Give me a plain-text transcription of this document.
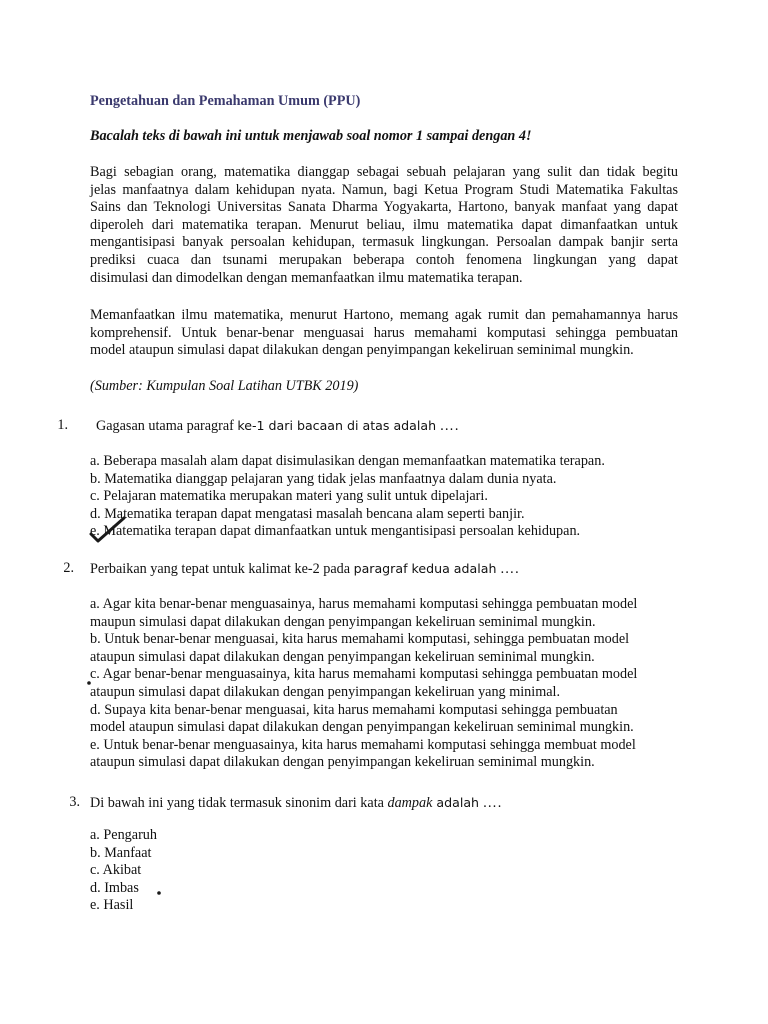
Pengetahuan dan Pemahaman Umum (PPU)
Bacalah teks di bawah ini untuk menjawab soal nomor 1 sampai dengan 4!
Bagi sebagian orang, matematika dianggap sebagai sebuah pelajaran yang sulit dan tidak begitu
jelas manfaatnya dalam kehidupan nyata. Namun, bagi Ketua Program Studi Matematika Fakultas
Sains dan Teknologi Universitas Sanata Dharma Yogyakarta, Hartono, banyak manfaat yang dapat
diperoleh dari matematika terapan. Menurut beliau, ilmu matematika dapat dimanfaatkan untuk
mengantisipasi banyak persoalan kehidupan, termasuk lingkungan. Persoalan dampak banjir serta
prediksi cuaca dan tsunami merupakan beberapa contoh fenomena lingkungan yang dapat
disimulasi dan dimodelkan dengan memanfaatkan ilmu matematika terapan.
Memanfaatkan ilmu matematika, menurut Hartono, memang agak rumit dan pemahamannya harus
komprehensif. Untuk benar-benar menguasai harus memahami komputasi sehingga pembuatan
model ataupun simulasi dapat dilakukan dengan penyimpangan kekeliruan seminimal mungkin.
(Sumber: Kumpulan Soal Latihan UTBK 2019)
1. Gagasan utama paragraf ke-1 dari bacaan di atas adalah ….
a. Beberapa masalah alam dapat disimulasikan dengan memanfaatkan matematika terapan.
b. Matematika dianggap pelajaran yang tidak jelas manfaatnya dalam dunia nyata.
c. Pelajaran matematika merupakan materi yang sulit untuk dipelajari.
d. Matematika terapan dapat mengatasi masalah bencana alam seperti banjir.
e. Matematika terapan dapat dimanfaatkan untuk mengantisipasi persoalan kehidupan.
2. Perbaikan yang tepat untuk kalimat ke-2 pada paragraf kedua adalah ….
a. Agar kita benar-benar menguasainya, harus memahami komputasi sehingga pembuatan model
maupun simulasi dapat dilakukan dengan penyimpangan kekeliruan seminimal mungkin.
b. Untuk benar-benar menguasai, kita harus memahami komputasi, sehingga pembuatan model
ataupun simulasi dapat dilakukan dengan penyimpangan kekeliruan seminimal mungkin.
c. Agar benar-benar menguasainya, kita harus memahami komputasi sehingga pembuatan model
ataupun simulasi dapat dilakukan dengan penyimpangan kekeliruan yang minimal.
d. Supaya kita benar-benar menguasai, kita harus memahami komputasi sehingga pembuatan
model ataupun simulasi dapat dilakukan dengan penyimpangan kekeliruan seminimal mungkin.
e. Untuk benar-benar menguasainya, kita harus memahami komputasi sehingga membuat model
ataupun simulasi dapat dilakukan dengan penyimpangan kekeliruan seminimal mungkin.
3. Di bawah ini yang tidak termasuk sinonim dari kata dampak adalah ….
a. Pengaruh
b. Manfaat
c. Akibat
d. Imbas
e. Hasil
